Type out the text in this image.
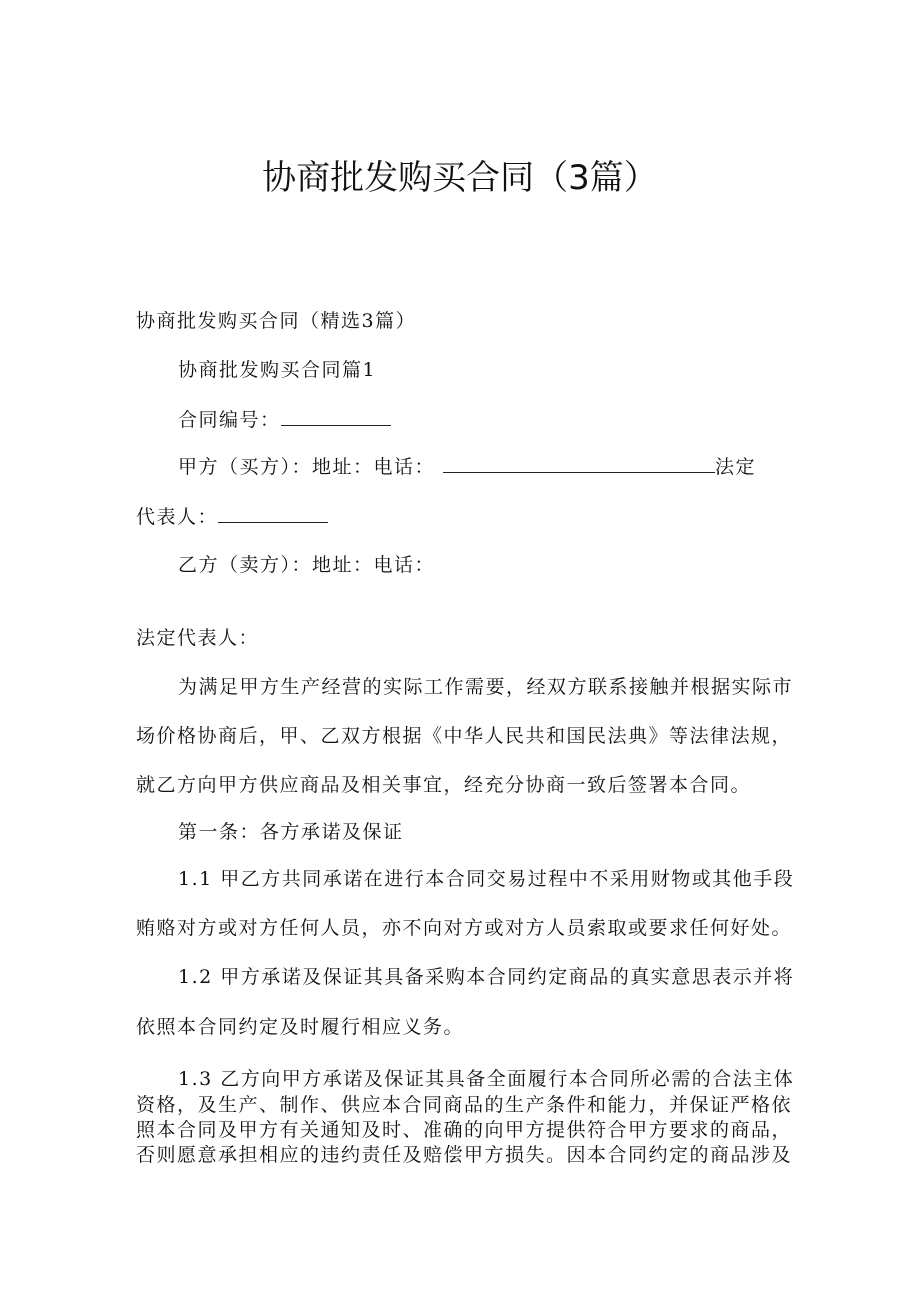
协商批发购买合同（3篇）
协商批发购买合同（精选3篇）
协商批发购买合同篇1
合同编号：
甲方（买方）：地址：电话：	法定
代表人：
乙方（卖方）：地址：电话：
法定代表人：
为满足甲方生产经营的实际工作需要，经双方联系接触并根据实际市
场价格协商后，甲、乙双方根据《中华人民共和国民法典》等法律法规，
就乙方向甲方供应商品及相关事宜，经充分协商一致后签署本合同。
第一条：各方承诺及保证
1.1 甲乙方共同承诺在进行本合同交易过程中不采用财物或其他手段
贿赂对方或对方任何人员，亦不向对方或对方人员索取或要求任何好处。
1.2 甲方承诺及保证其具备采购本合同约定商品的真实意思表示并将
依照本合同约定及时履行相应义务。
1.3 乙方向甲方承诺及保证其具备全面履行本合同所必需的合法主体
资格，及生产、制作、供应本合同商品的生产条件和能力，并保证严格依
照本合同及甲方有关通知及时、准确的向甲方提供符合甲方要求的商品，
否则愿意承担相应的违约责任及赔偿甲方损失。因本合同约定的商品涉及
